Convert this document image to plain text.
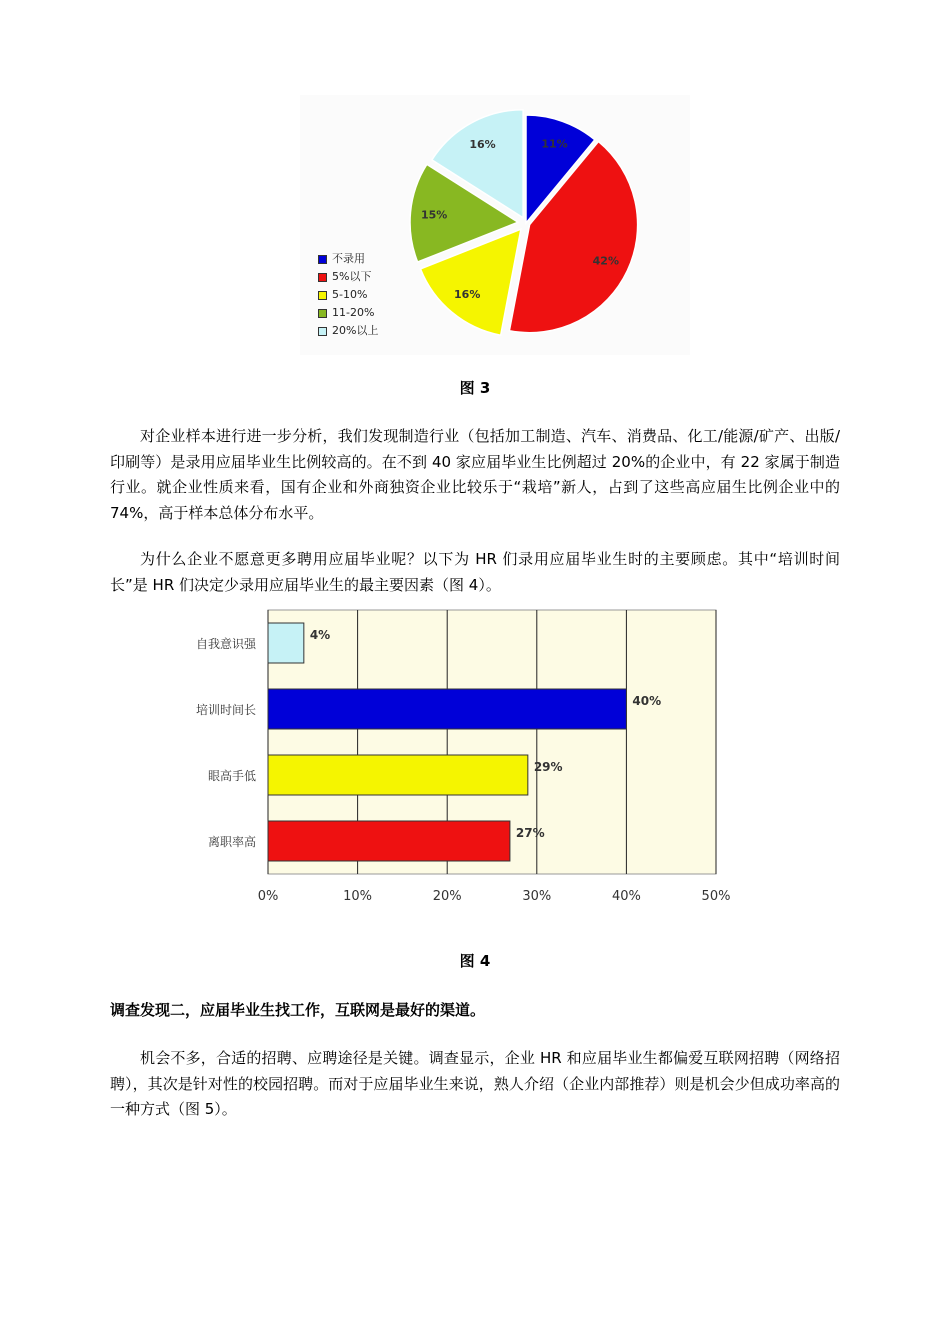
11%
42%
16%
15%
16%
不录用
5%以下
5-10%
11-20%
20%以上
图 3
对企业样本进行进一步分析，我们发现制造行业（包括加工制造、汽车、消费品、化工/能源/矿产、出版/印刷等）是录用应届毕业生比例较高的。在不到 40 家应届毕业生比例超过 20%的企业中，有 22 家属于制造行业。就企业性质来看，国有企业和外商独资企业比较乐于“栽培”新人，占到了这些高应届生比例企业中的 74%，高于样本总体分布水平。
为什么企业不愿意更多聘用应届毕业呢？以下为 HR 们录用应届毕业生时的主要顾虑。其中“培训时间长”是 HR 们决定少录用应届毕业生的最主要因素（图 4）。
0%	10%	20%	30%	40%	50%
自我意识强
4%
培训时间长
40%
眼高手低
29%
离职率高
27%
图 4
调查发现二，应届毕业生找工作，互联网是最好的渠道。
机会不多，合适的招聘、应聘途径是关键。调查显示，企业 HR 和应届毕业生都偏爱互联网招聘（网络招聘），其次是针对性的校园招聘。而对于应届毕业生来说，熟人介绍（企业内部推荐）则是机会少但成功率高的一种方式（图 5）。
